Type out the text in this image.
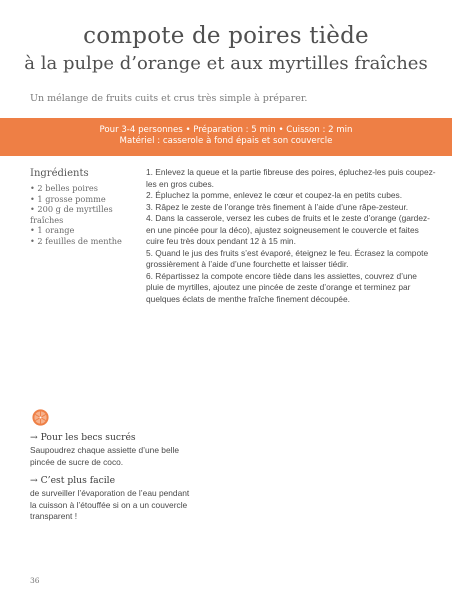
compote de poires tiède
à la pulpe d’orange et aux myrtilles fraîches
Un mélange de fruits cuits et crus très simple à préparer.
Pour 3-4 personnes • Préparation : 5 min • Cuisson : 2 min
Matériel : casserole à fond épais et son couvercle
Ingrédients
• 2 belles poires
• 1 grosse pomme
• 200 g de myrtilles fraîches
• 1 orange
• 2 feuilles de menthe

1. Enlevez la queue et la partie fibreuse des poires, épluchez-les puis coupez-les en gros cubes.

2. Épluchez la pomme, enlevez le cœur et coupez-la en petits cubes.

3. Râpez le zeste de l’orange très finement à l’aide d’une râpe-zesteur.

4. Dans la casserole, versez les cubes de fruits et le zeste d’orange (gardez-en une pincée pour la déco), ajustez soigneusement le couvercle et faites cuire feu très doux pendant 12 à 15 min.

5. Quand le jus des fruits s’est évaporé, éteignez le feu. Écrasez la compote grossièrement à l’aide d’une fourchette et laisser tiédir.

6. Répartissez la compote encore tiède dans les assiettes, couvrez d’une pluie de myrtilles, ajoutez une pincée de zeste d’orange et terminez par quelques éclats de menthe fraîche finement découpée.

→ Pour les becs sucrés
Saupoudrez chaque assiette d’une belle pincée de sucre de coco.
→ C’est plus facile
de surveiller l’évaporation de l’eau pendant la cuisson à l’étouffée si on a un couvercle transparent !
36
